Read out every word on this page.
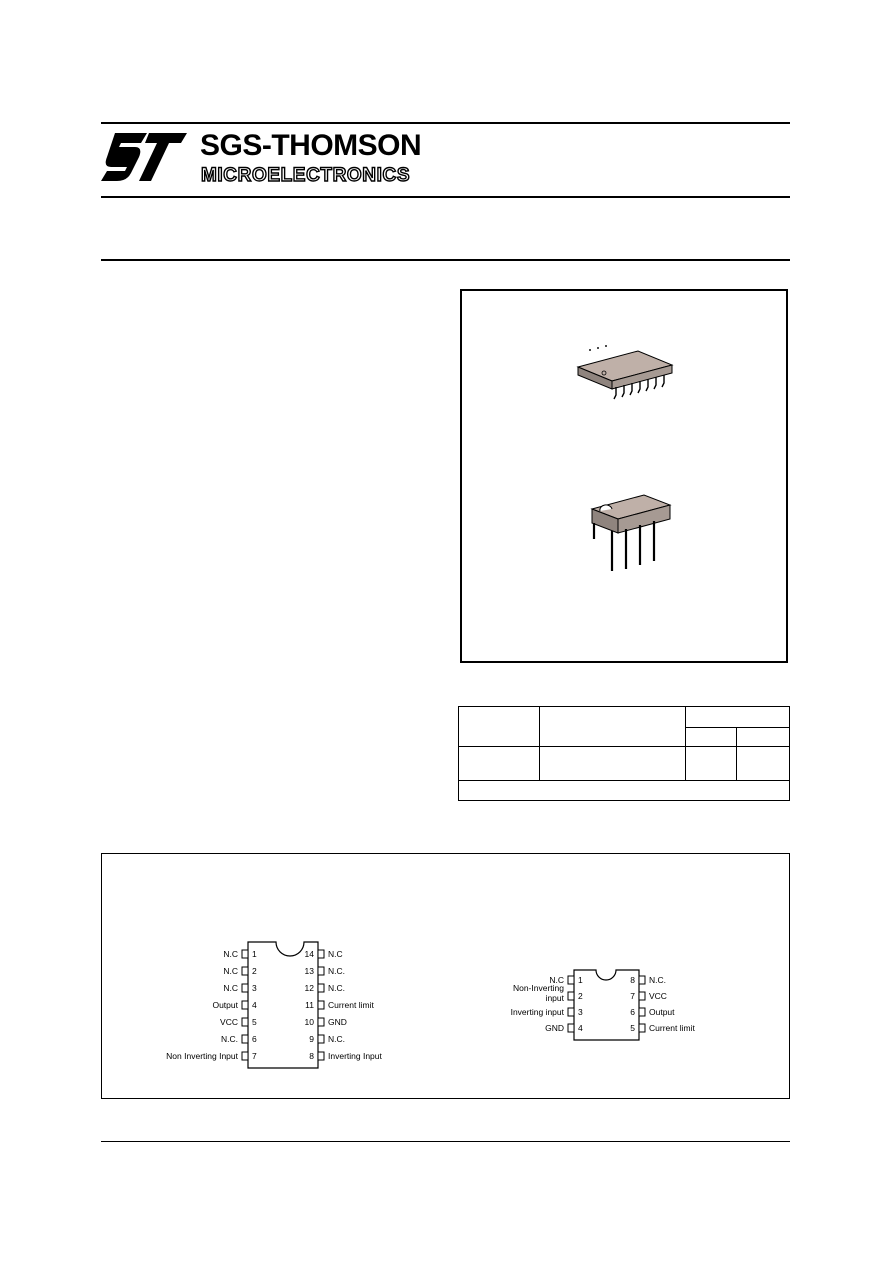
SGS-THOMSON
MICROELECTRONICS

1
N.C
2
N.C
3
N.C
4
Output
5
VCC
6
N.C.
7
Non Inverting Input
14 N.C
13 N.C.
12 N.C.
11 Current limit
10 GND
9 N.C.
8 Inverting Input
1
N.C
2
Non-Inverting
input
3
Inverting input
4
GND
8 N.C.
7 VCC
6 Output
5 Current limit
